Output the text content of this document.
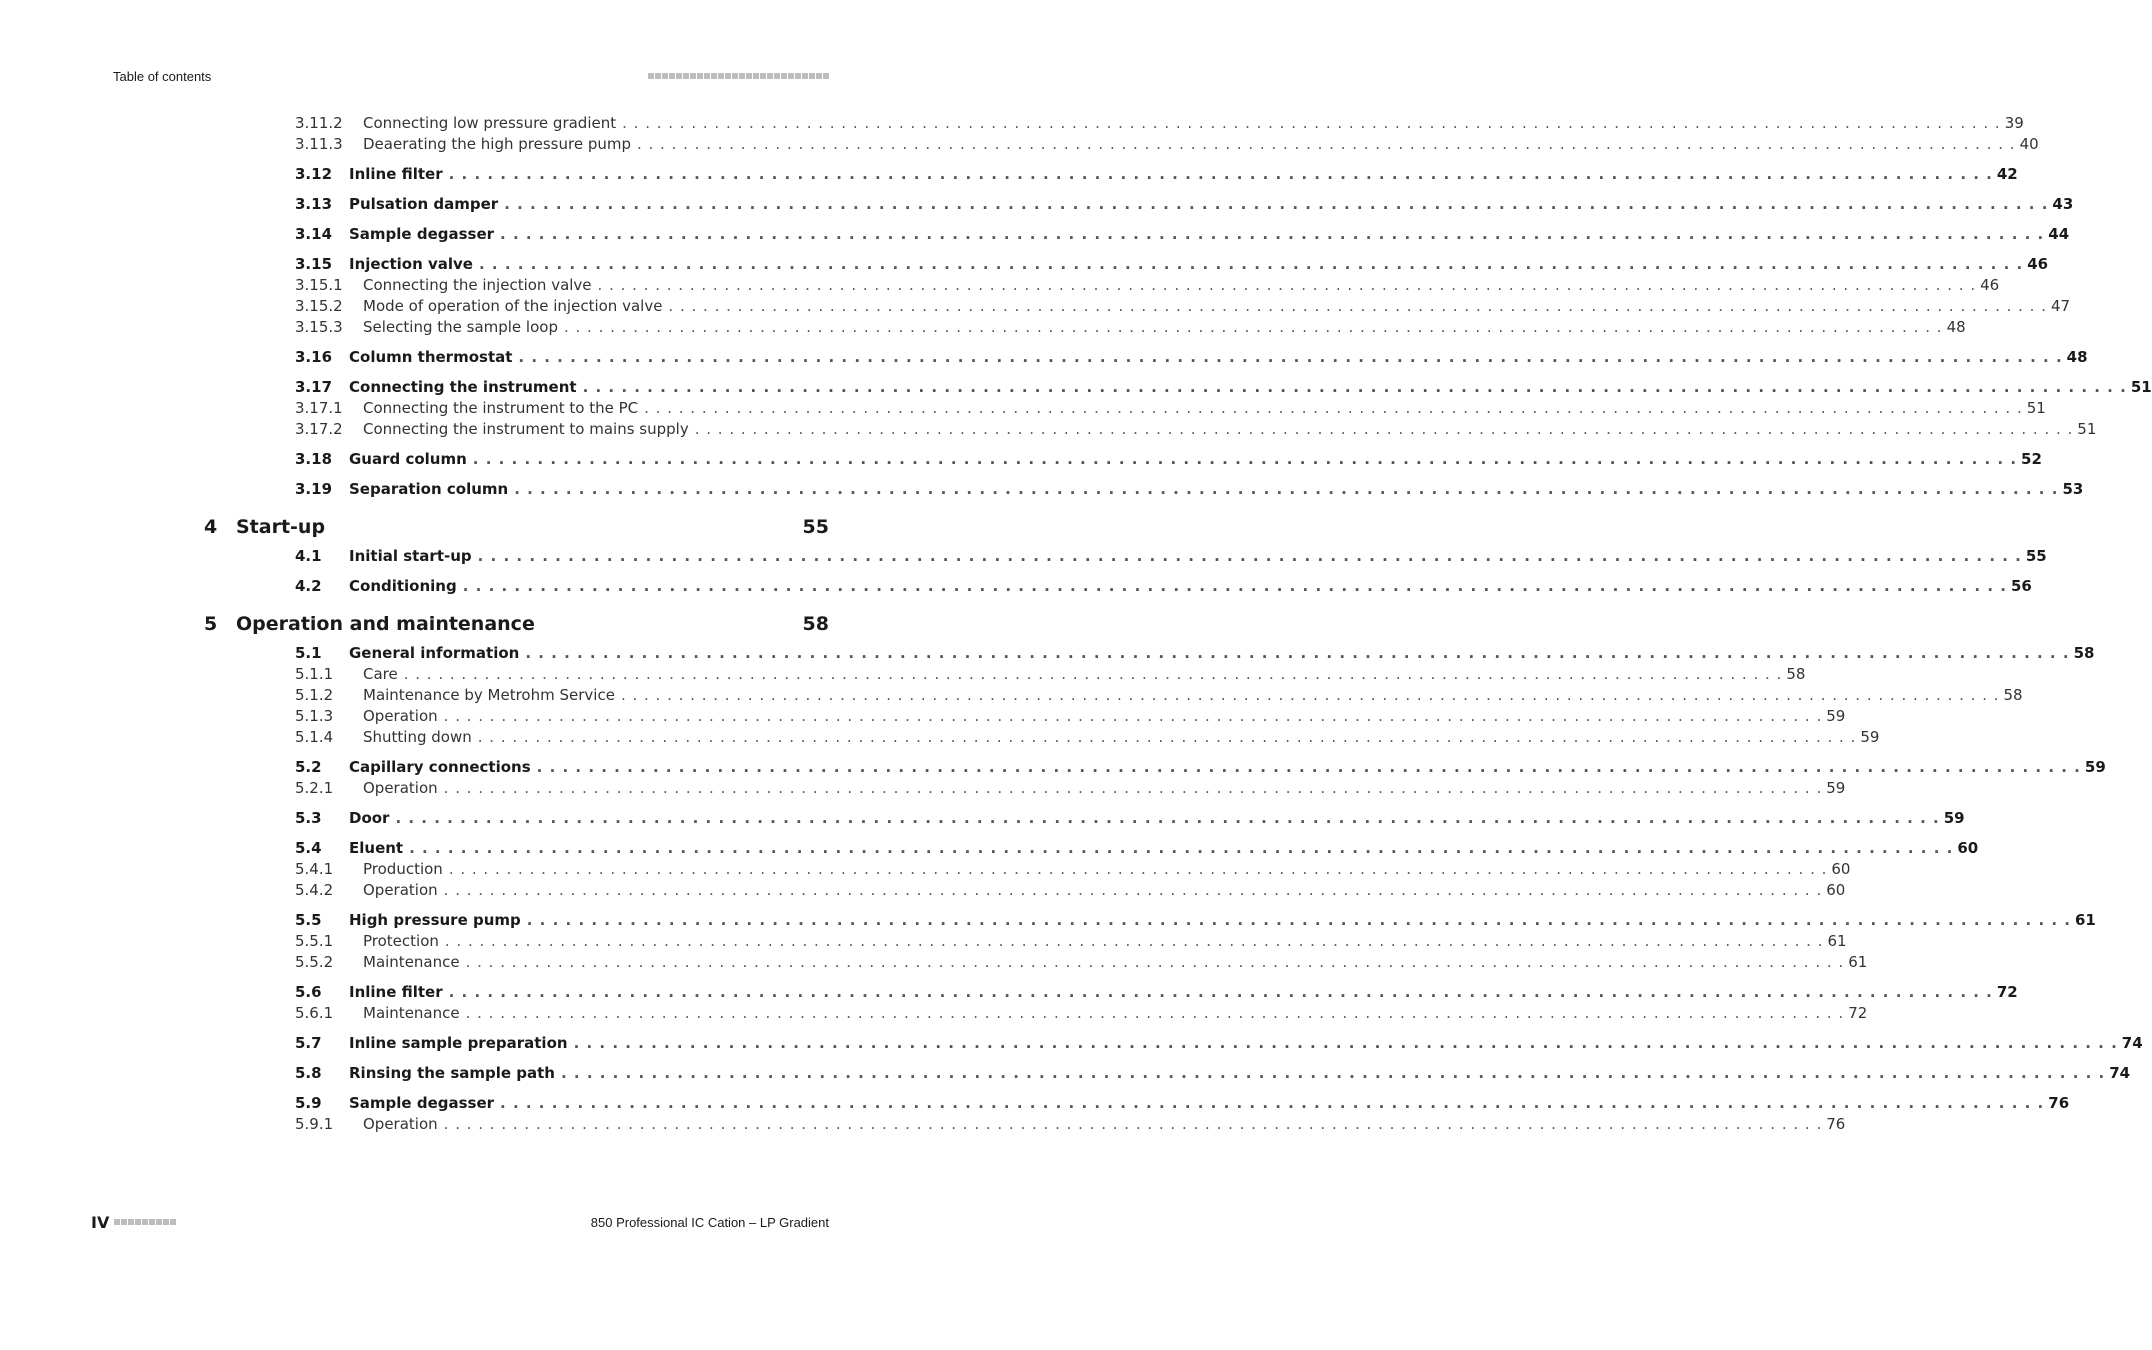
Table of contents
3.11.2	Connecting low pressure gradient . . . . . . . . . . . . . . . . . . . . . . . . . . . . . . . . . . . . . . . . . . . . . . . . . . . . . . . . . . . . . . . . . . . . . . . . . . . . . . . . . . . . . . . . . . . . . . . . . . . . . . . . . . . . . . . . . . . . . . . . 39
3.11.3	Deaerating the high pressure pump . . . . . . . . . . . . . . . . . . . . . . . . . . . . . . . . . . . . . . . . . . . . . . . . . . . . . . . . . . . . . . . . . . . . . . . . . . . . . . . . . . . . . . . . . . . . . . . . . . . . . . . . . . . . . . . . . . . . . . . . 40
3.12	Inline filter . . . . . . . . . . . . . . . . . . . . . . . . . . . . . . . . . . . . . . . . . . . . . . . . . . . . . . . . . . . . . . . . . . . . . . . . . . . . . . . . . . . . . . . . . . . . . . . . . . . . . . . . . . . . . . . . . . . . . . . . 42
3.13	Pulsation damper . . . . . . . . . . . . . . . . . . . . . . . . . . . . . . . . . . . . . . . . . . . . . . . . . . . . . . . . . . . . . . . . . . . . . . . . . . . . . . . . . . . . . . . . . . . . . . . . . . . . . . . . . . . . . . . . . . . . . . . . 43
3.14	Sample degasser . . . . . . . . . . . . . . . . . . . . . . . . . . . . . . . . . . . . . . . . . . . . . . . . . . . . . . . . . . . . . . . . . . . . . . . . . . . . . . . . . . . . . . . . . . . . . . . . . . . . . . . . . . . . . . . . . . . . . . . . 44
3.15	Injection valve . . . . . . . . . . . . . . . . . . . . . . . . . . . . . . . . . . . . . . . . . . . . . . . . . . . . . . . . . . . . . . . . . . . . . . . . . . . . . . . . . . . . . . . . . . . . . . . . . . . . . . . . . . . . . . . . . . . . . . . . 46
3.15.1	Connecting the injection valve . . . . . . . . . . . . . . . . . . . . . . . . . . . . . . . . . . . . . . . . . . . . . . . . . . . . . . . . . . . . . . . . . . . . . . . . . . . . . . . . . . . . . . . . . . . . . . . . . . . . . . . . . . . . . . . . . . . . . . . . 46
3.15.2	Mode of operation of the injection valve . . . . . . . . . . . . . . . . . . . . . . . . . . . . . . . . . . . . . . . . . . . . . . . . . . . . . . . . . . . . . . . . . . . . . . . . . . . . . . . . . . . . . . . . . . . . . . . . . . . . . . . . . . . . . . . . . . . . . . . . 47
3.15.3	Selecting the sample loop . . . . . . . . . . . . . . . . . . . . . . . . . . . . . . . . . . . . . . . . . . . . . . . . . . . . . . . . . . . . . . . . . . . . . . . . . . . . . . . . . . . . . . . . . . . . . . . . . . . . . . . . . . . . . . . . . . . . . . . . 48
3.16	Column thermostat . . . . . . . . . . . . . . . . . . . . . . . . . . . . . . . . . . . . . . . . . . . . . . . . . . . . . . . . . . . . . . . . . . . . . . . . . . . . . . . . . . . . . . . . . . . . . . . . . . . . . . . . . . . . . . . . . . . . . . . . 48
3.17	Connecting the instrument . . . . . . . . . . . . . . . . . . . . . . . . . . . . . . . . . . . . . . . . . . . . . . . . . . . . . . . . . . . . . . . . . . . . . . . . . . . . . . . . . . . . . . . . . . . . . . . . . . . . . . . . . . . . . . . . . . . . . . . . 51
3.17.1	Connecting the instrument to the PC . . . . . . . . . . . . . . . . . . . . . . . . . . . . . . . . . . . . . . . . . . . . . . . . . . . . . . . . . . . . . . . . . . . . . . . . . . . . . . . . . . . . . . . . . . . . . . . . . . . . . . . . . . . . . . . . . . . . . . . . 51
3.17.2	Connecting the instrument to mains supply . . . . . . . . . . . . . . . . . . . . . . . . . . . . . . . . . . . . . . . . . . . . . . . . . . . . . . . . . . . . . . . . . . . . . . . . . . . . . . . . . . . . . . . . . . . . . . . . . . . . . . . . . . . . . . . . . . . . . . . . 51
3.18	Guard column . . . . . . . . . . . . . . . . . . . . . . . . . . . . . . . . . . . . . . . . . . . . . . . . . . . . . . . . . . . . . . . . . . . . . . . . . . . . . . . . . . . . . . . . . . . . . . . . . . . . . . . . . . . . . . . . . . . . . . . . 52
3.19	Separation column . . . . . . . . . . . . . . . . . . . . . . . . . . . . . . . . . . . . . . . . . . . . . . . . . . . . . . . . . . . . . . . . . . . . . . . . . . . . . . . . . . . . . . . . . . . . . . . . . . . . . . . . . . . . . . . . . . . . . . . . 53
4 Start-up	55
4.1	Initial start-up . . . . . . . . . . . . . . . . . . . . . . . . . . . . . . . . . . . . . . . . . . . . . . . . . . . . . . . . . . . . . . . . . . . . . . . . . . . . . . . . . . . . . . . . . . . . . . . . . . . . . . . . . . . . . . . . . . . . . . . . 55
4.2	Conditioning . . . . . . . . . . . . . . . . . . . . . . . . . . . . . . . . . . . . . . . . . . . . . . . . . . . . . . . . . . . . . . . . . . . . . . . . . . . . . . . . . . . . . . . . . . . . . . . . . . . . . . . . . . . . . . . . . . . . . . . . 56
5 Operation and maintenance	58
5.1	General information . . . . . . . . . . . . . . . . . . . . . . . . . . . . . . . . . . . . . . . . . . . . . . . . . . . . . . . . . . . . . . . . . . . . . . . . . . . . . . . . . . . . . . . . . . . . . . . . . . . . . . . . . . . . . . . . . . . . . . . . 58
5.1.1	Care . . . . . . . . . . . . . . . . . . . . . . . . . . . . . . . . . . . . . . . . . . . . . . . . . . . . . . . . . . . . . . . . . . . . . . . . . . . . . . . . . . . . . . . . . . . . . . . . . . . . . . . . . . . . . . . . . . . . . . . . 58
5.1.2	Maintenance by Metrohm Service . . . . . . . . . . . . . . . . . . . . . . . . . . . . . . . . . . . . . . . . . . . . . . . . . . . . . . . . . . . . . . . . . . . . . . . . . . . . . . . . . . . . . . . . . . . . . . . . . . . . . . . . . . . . . . . . . . . . . . . . 58
5.1.3	Operation . . . . . . . . . . . . . . . . . . . . . . . . . . . . . . . . . . . . . . . . . . . . . . . . . . . . . . . . . . . . . . . . . . . . . . . . . . . . . . . . . . . . . . . . . . . . . . . . . . . . . . . . . . . . . . . . . . . . . . . . 59
5.1.4	Shutting down . . . . . . . . . . . . . . . . . . . . . . . . . . . . . . . . . . . . . . . . . . . . . . . . . . . . . . . . . . . . . . . . . . . . . . . . . . . . . . . . . . . . . . . . . . . . . . . . . . . . . . . . . . . . . . . . . . . . . . . . 59
5.2	Capillary connections . . . . . . . . . . . . . . . . . . . . . . . . . . . . . . . . . . . . . . . . . . . . . . . . . . . . . . . . . . . . . . . . . . . . . . . . . . . . . . . . . . . . . . . . . . . . . . . . . . . . . . . . . . . . . . . . . . . . . . . . 59
5.2.1	Operation . . . . . . . . . . . . . . . . . . . . . . . . . . . . . . . . . . . . . . . . . . . . . . . . . . . . . . . . . . . . . . . . . . . . . . . . . . . . . . . . . . . . . . . . . . . . . . . . . . . . . . . . . . . . . . . . . . . . . . . . 59
5.3	Door . . . . . . . . . . . . . . . . . . . . . . . . . . . . . . . . . . . . . . . . . . . . . . . . . . . . . . . . . . . . . . . . . . . . . . . . . . . . . . . . . . . . . . . . . . . . . . . . . . . . . . . . . . . . . . . . . . . . . . . . 59
5.4	Eluent . . . . . . . . . . . . . . . . . . . . . . . . . . . . . . . . . . . . . . . . . . . . . . . . . . . . . . . . . . . . . . . . . . . . . . . . . . . . . . . . . . . . . . . . . . . . . . . . . . . . . . . . . . . . . . . . . . . . . . . . 60
5.4.1	Production . . . . . . . . . . . . . . . . . . . . . . . . . . . . . . . . . . . . . . . . . . . . . . . . . . . . . . . . . . . . . . . . . . . . . . . . . . . . . . . . . . . . . . . . . . . . . . . . . . . . . . . . . . . . . . . . . . . . . . . . 60
5.4.2	Operation . . . . . . . . . . . . . . . . . . . . . . . . . . . . . . . . . . . . . . . . . . . . . . . . . . . . . . . . . . . . . . . . . . . . . . . . . . . . . . . . . . . . . . . . . . . . . . . . . . . . . . . . . . . . . . . . . . . . . . . . 60
5.5	High pressure pump . . . . . . . . . . . . . . . . . . . . . . . . . . . . . . . . . . . . . . . . . . . . . . . . . . . . . . . . . . . . . . . . . . . . . . . . . . . . . . . . . . . . . . . . . . . . . . . . . . . . . . . . . . . . . . . . . . . . . . . . 61
5.5.1	Protection . . . . . . . . . . . . . . . . . . . . . . . . . . . . . . . . . . . . . . . . . . . . . . . . . . . . . . . . . . . . . . . . . . . . . . . . . . . . . . . . . . . . . . . . . . . . . . . . . . . . . . . . . . . . . . . . . . . . . . . . 61
5.5.2	Maintenance . . . . . . . . . . . . . . . . . . . . . . . . . . . . . . . . . . . . . . . . . . . . . . . . . . . . . . . . . . . . . . . . . . . . . . . . . . . . . . . . . . . . . . . . . . . . . . . . . . . . . . . . . . . . . . . . . . . . . . . . 61
5.6	Inline filter . . . . . . . . . . . . . . . . . . . . . . . . . . . . . . . . . . . . . . . . . . . . . . . . . . . . . . . . . . . . . . . . . . . . . . . . . . . . . . . . . . . . . . . . . . . . . . . . . . . . . . . . . . . . . . . . . . . . . . . . 72
5.6.1	Maintenance . . . . . . . . . . . . . . . . . . . . . . . . . . . . . . . . . . . . . . . . . . . . . . . . . . . . . . . . . . . . . . . . . . . . . . . . . . . . . . . . . . . . . . . . . . . . . . . . . . . . . . . . . . . . . . . . . . . . . . . . 72
5.7	Inline sample preparation . . . . . . . . . . . . . . . . . . . . . . . . . . . . . . . . . . . . . . . . . . . . . . . . . . . . . . . . . . . . . . . . . . . . . . . . . . . . . . . . . . . . . . . . . . . . . . . . . . . . . . . . . . . . . . . . . . . . . . . . 74
5.8	Rinsing the sample path . . . . . . . . . . . . . . . . . . . . . . . . . . . . . . . . . . . . . . . . . . . . . . . . . . . . . . . . . . . . . . . . . . . . . . . . . . . . . . . . . . . . . . . . . . . . . . . . . . . . . . . . . . . . . . . . . . . . . . . . 74
5.9	Sample degasser . . . . . . . . . . . . . . . . . . . . . . . . . . . . . . . . . . . . . . . . . . . . . . . . . . . . . . . . . . . . . . . . . . . . . . . . . . . . . . . . . . . . . . . . . . . . . . . . . . . . . . . . . . . . . . . . . . . . . . . . 76
5.9.1	Operation . . . . . . . . . . . . . . . . . . . . . . . . . . . . . . . . . . . . . . . . . . . . . . . . . . . . . . . . . . . . . . . . . . . . . . . . . . . . . . . . . . . . . . . . . . . . . . . . . . . . . . . . . . . . . . . . . . . . . . . . 76
IV	850 Professional IC Cation – LP Gradient
